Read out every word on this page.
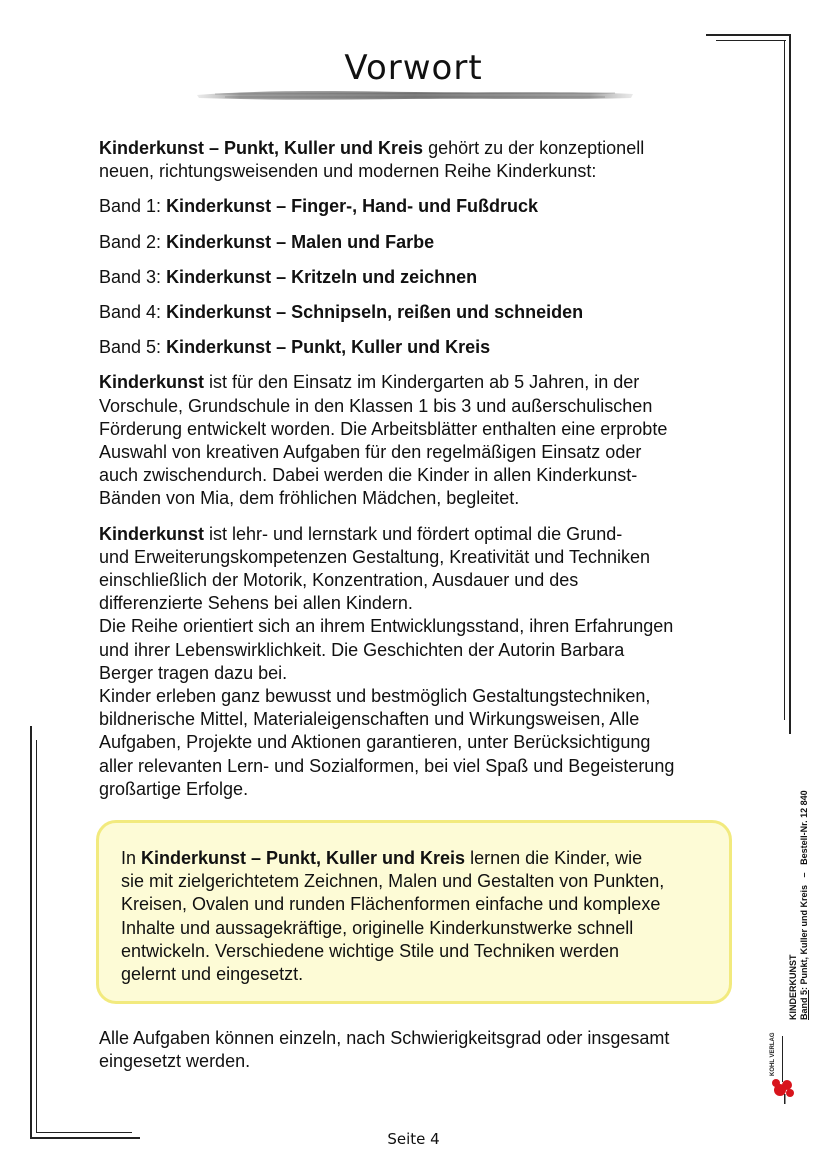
Vorwort

Kinderkunst – Punkt, Kuller und Kreis gehört zu der konzeptionell
neuen, richtungsweisenden und modernen Reihe Kinderkunst:

Band 1: Kinderkunst – Finger-, Hand- und Fußdruck

Band 2: Kinderkunst – Malen und Farbe

Band 3: Kinderkunst – Kritzeln und zeichnen

Band 4: Kinderkunst – Schnipseln, reißen und schneiden

Band 5: Kinderkunst – Punkt, Kuller und Kreis

Kinderkunst ist für den Einsatz im Kindergarten ab 5 Jahren, in der
Vorschule, Grundschule in den Klassen 1 bis 3 und außerschulischen
Förderung entwickelt worden. Die Arbeitsblätter enthalten eine erprobte
Auswahl von kreativen Aufgaben für den regelmäßigen Einsatz oder
auch zwischendurch. Dabei werden die Kinder in allen Kinderkunst-
Bänden von Mia, dem fröhlichen Mädchen, begleitet.

Kinderkunst ist lehr- und lernstark und fördert optimal die Grund-
und Erweiterungskompetenzen Gestaltung, Kreativität und Techniken
einschließlich der Motorik, Konzentration, Ausdauer und des
differenzierte Sehens bei allen Kindern.
Die Reihe orientiert sich an ihrem Entwicklungsstand, ihren Erfahrungen
und ihrer Lebenswirklichkeit. Die Geschichten der Autorin Barbara
Berger tragen dazu bei.
Kinder erleben ganz bewusst und bestmöglich Gestaltungstechniken,
bildnerische Mittel, Materialeigenschaften und Wirkungsweisen, Alle
Aufgaben, Projekte und Aktionen garantieren, unter Berücksichtigung
aller relevanten Lern- und Sozialformen, bei viel Spaß und Begeisterung
großartige Erfolge.

In Kinderkunst – Punkt, Kuller und Kreis lernen die Kinder, wie
sie mit zielgerichtetem Zeichnen, Malen und Gestalten von Punkten,
Kreisen, Ovalen und runden Flächenformen einfache und komplexe
Inhalte und aussagekräftige, originelle Kinderkunstwerke schnell
entwickeln. Verschiedene wichtige Stile und Techniken werden
gelernt und eingesetzt.
Alle Aufgaben können einzeln, nach Schwierigkeitsgrad oder insgesamt
eingesetzt werden.
Seite 4
KINDERKUNST Band 5: Punkt, Kuller und Kreis   –   Bestell-Nr. 12 840
KOHL VERLAG
